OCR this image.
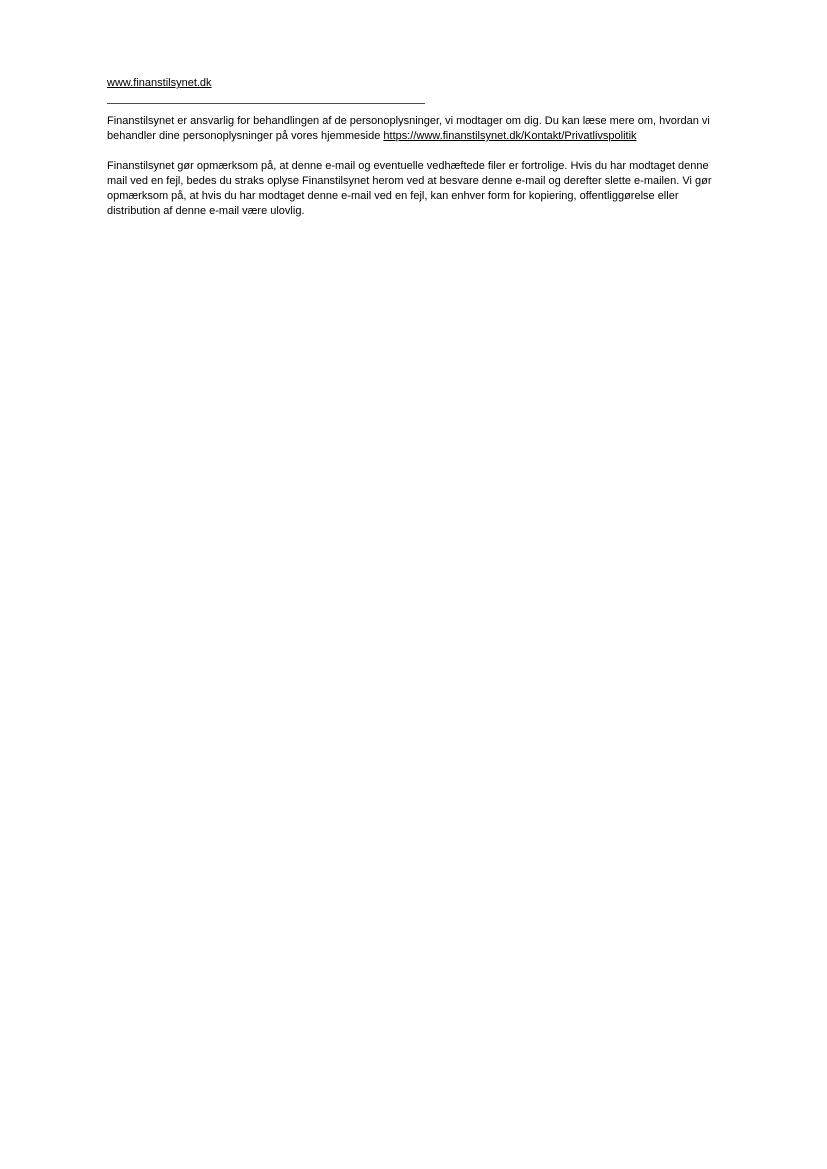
www.finanstilsynet.dk

Finanstilsynet er ansvarlig for behandlingen af de personoplysninger, vi modtager om dig. Du kan læse mere om, hvordan vi behandler dine personoplysninger på vores hjemmeside https://www.finanstilsynet.dk/Kontakt/Privatlivspolitik

Finanstilsynet gør opmærksom på, at denne e-mail og eventuelle vedhæftede filer er fortrolige. Hvis du har modtaget denne mail ved en fejl, bedes du straks oplyse Finanstilsynet herom ved at besvare denne e-mail og derefter slette e-mailen. Vi gør opmærksom på, at hvis du har modtaget denne e-mail ved en fejl, kan enhver form for kopiering, offentliggørelse eller distribution af denne e-mail være ulovlig.
